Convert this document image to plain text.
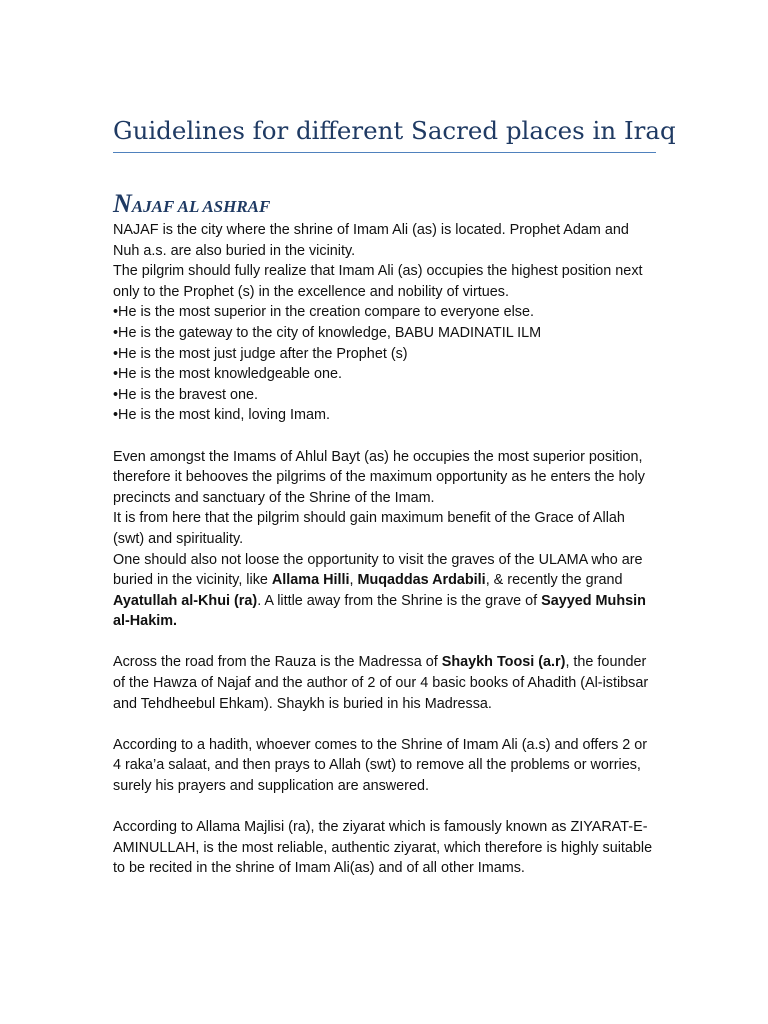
Guidelines for different Sacred places in Iraq
NAJAF AL ASHRAF

NAJAF is the city where the shrine of Imam Ali (as) is located. Prophet Adam and Nuh a.s. are also buried in the vicinity.

The pilgrim should fully realize that Imam Ali (as) occupies the highest position next only to the Prophet (s) in the excellence and nobility of virtues.

•He is the most superior in the creation compare to everyone else.
•He is the gateway to the city of knowledge, BABU MADINATIL ILM
•He is the most just judge after the Prophet (s)
•He is the most knowledgeable one.
•He is the bravest one.
•He is the most kind, loving Imam.

Even amongst the Imams of Ahlul Bayt (as) he occupies the most superior position, therefore it behooves the pilgrims of the maximum opportunity as he enters the holy precincts and sanctuary of the Shrine of the Imam.

It is from here that the pilgrim should gain maximum benefit of the Grace of Allah (swt) and spirituality.

One should also not loose the opportunity to visit the graves of the ULAMA who are buried in the vicinity, like Allama Hilli, Muqaddas Ardabili, & recently the grand Ayatullah al-Khui (ra). A little away from the Shrine is the grave of Sayyed Muhsin al-Hakim.

Across the road from the Rauza is the Madressa of Shaykh Toosi (a.r), the founder of the Hawza of Najaf and the author of 2 of our 4 basic books of Ahadith (Al-istibsar and Tehdheebul Ehkam). Shaykh is buried in his Madressa.

According to a hadith, whoever comes to the Shrine of Imam Ali (a.s) and offers 2 or 4 raka’a salaat, and then prays to Allah (swt) to remove all the problems or worries, surely his prayers and supplication are answered.

According to Allama Majlisi (ra), the ziyarat which is famously known as ZIYARAT-E-AMINULLAH, is the most reliable, authentic ziyarat, which therefore is highly suitable to be recited in the shrine of Imam Ali(as) and of all other Imams.
